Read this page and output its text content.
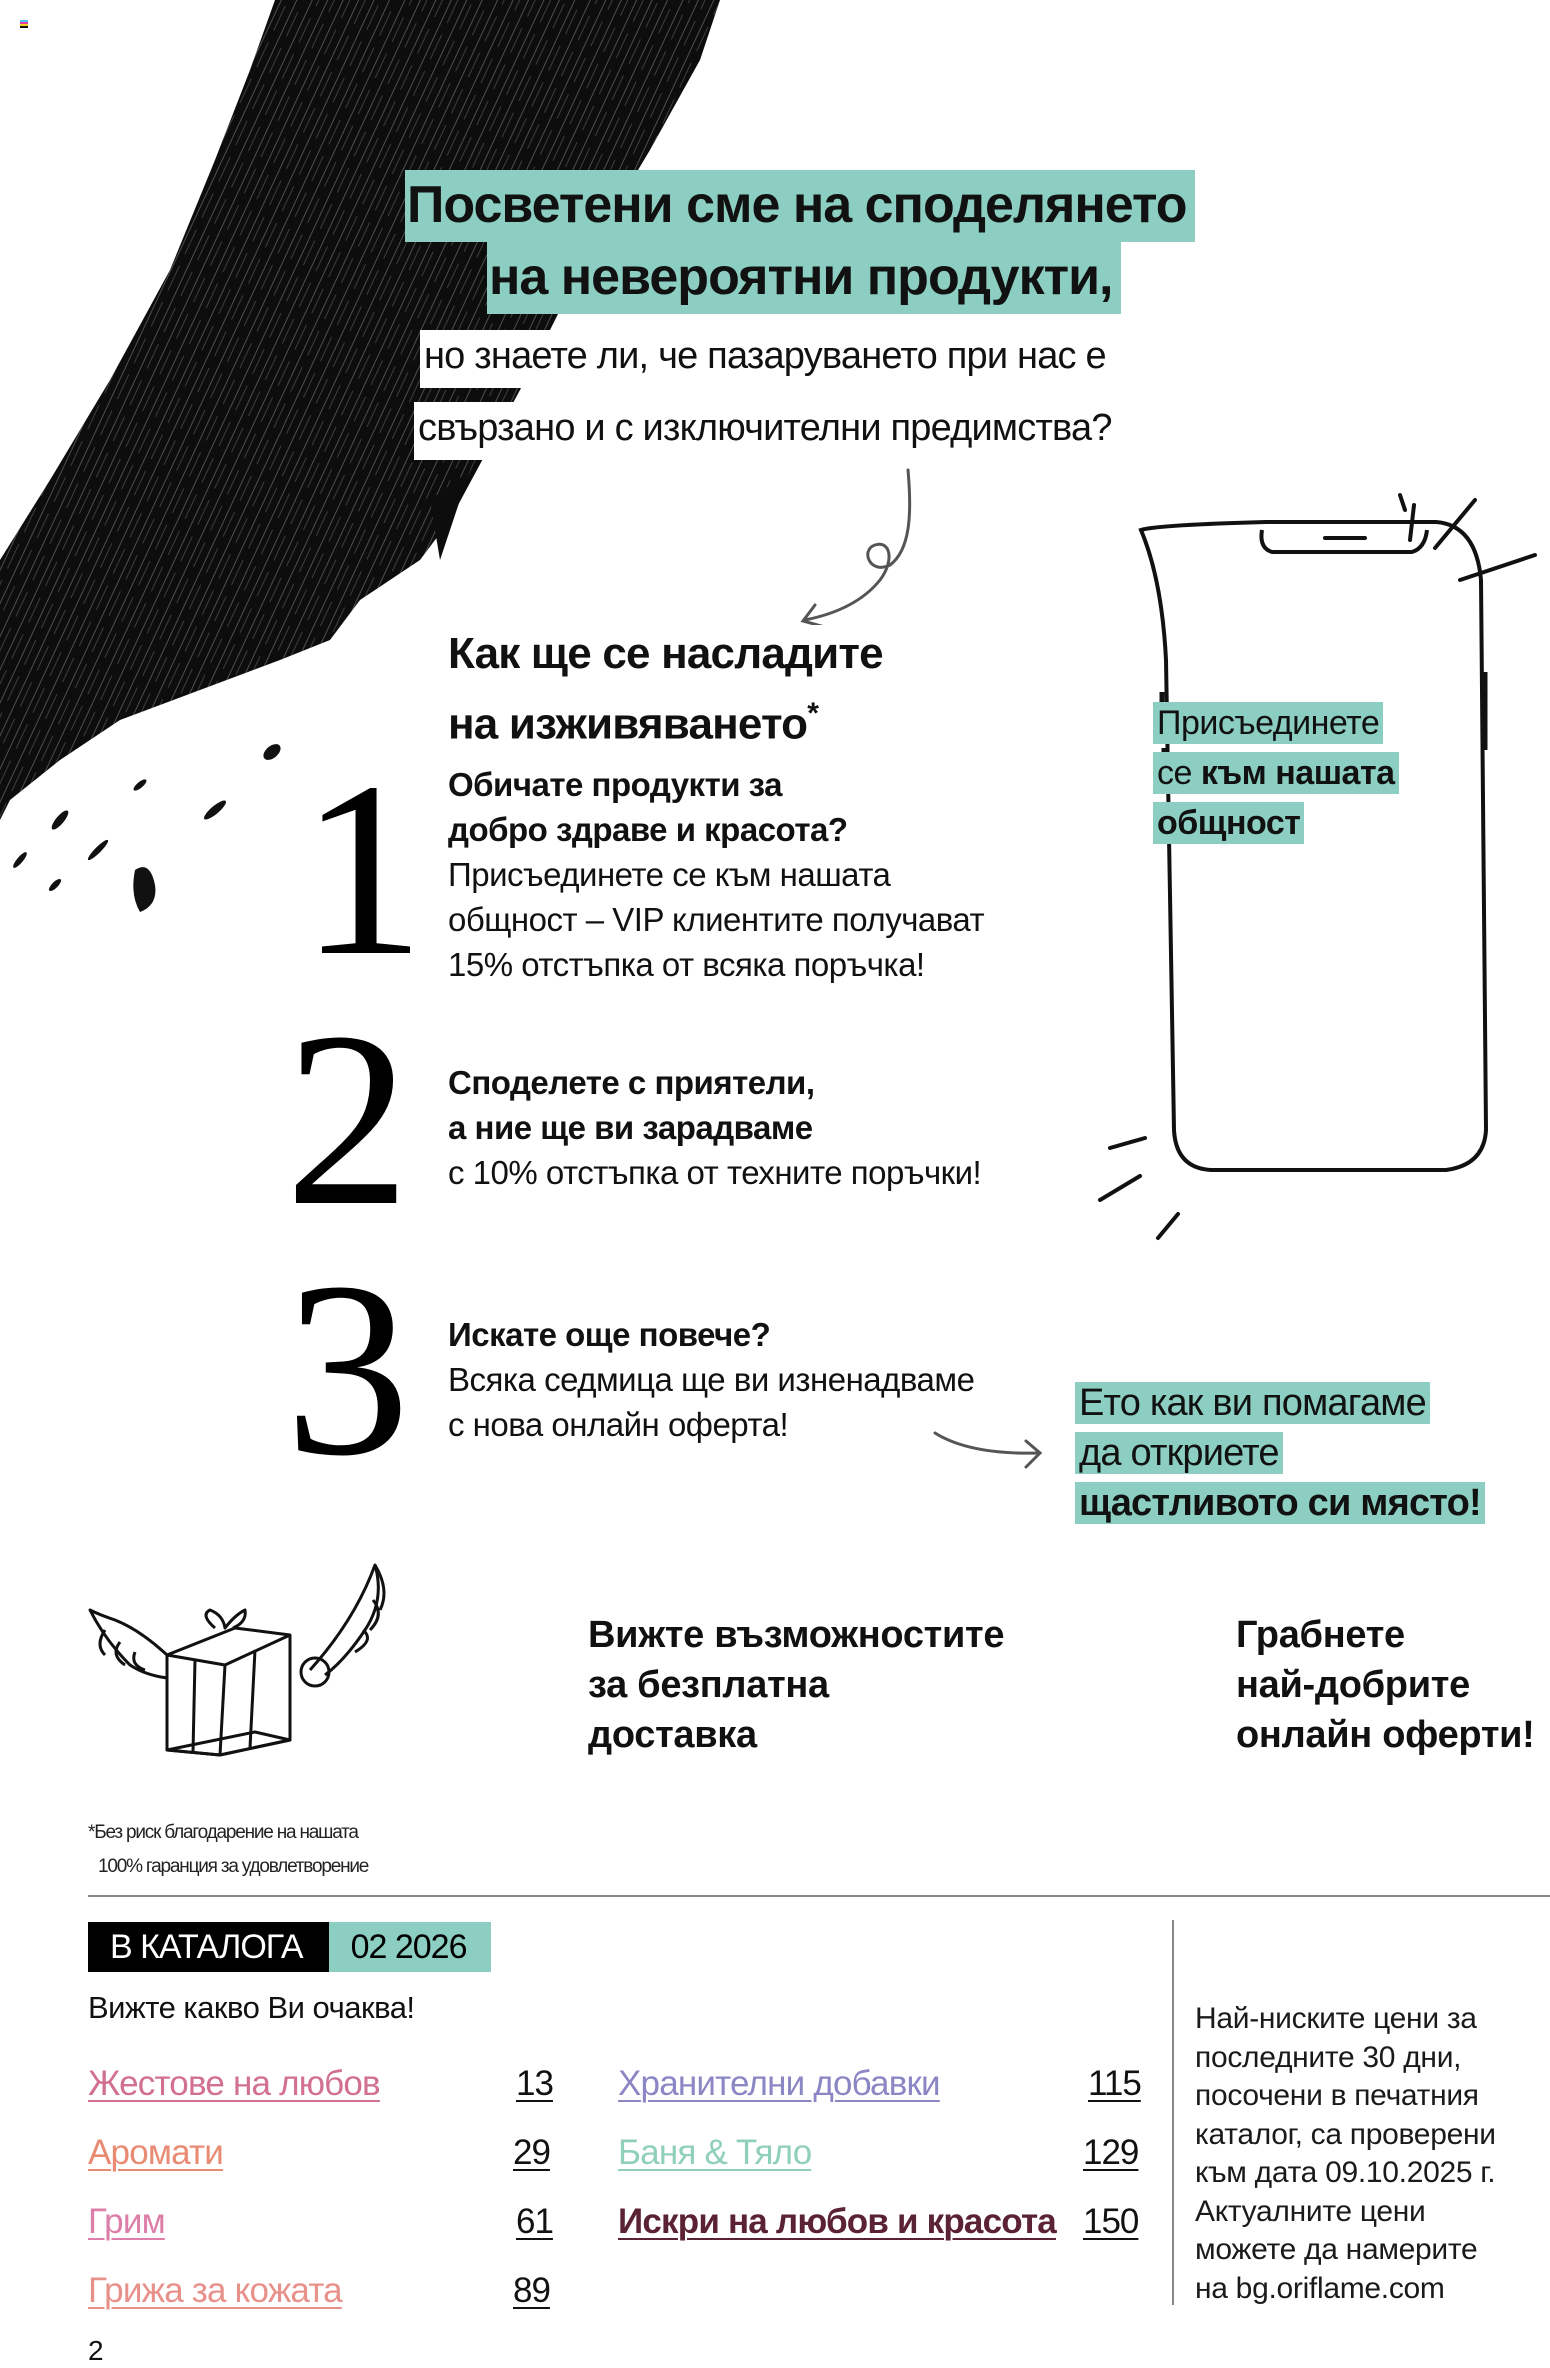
Посветени сме на споделянето
на невероятни продукти,
но знаете ли, че пазаруването при нас е
свързано и с изключителни предимства?
Как ще се насладите
на изживяването*
1
2
3
Обичате продукти за
добро здраве и красота?
Присъединете се към нашата
общност – VIP клиентите получават
15% отстъпка от всяка поръчка!
Споделете с приятели,
а ние ще ви зарадваме
с 10% отстъпка от техните поръчки!
Искате още повече?
Всяка седмица ще ви изненадваме
с нова онлайн оферта!
Присъединете
се към нашата
общност
Ето как ви помагаме
да откриете
щастливото си място!
Вижте възможностите
за безплатна
доставка
Грабнете
най-добрите
онлайн оферти!
*Без риск благодарение на нашата
100% гаранция за удовлетворение
В КАТАЛОГА	02 2026
Вижте какво Ви очаква!
Жестове на любов	13
Аромати	29
Грим	61
Грижа за кожата	89
Хранителни добавки	115
Баня & Тяло	129
Искри на любов и красота 150
Най-ниските цени за
последните 30 дни,
посочени в печатния
каталог, са проверени
към дата 09.10.2025 г.
Актуалните цени
можете да намерите
на bg.oriflame.com
2
